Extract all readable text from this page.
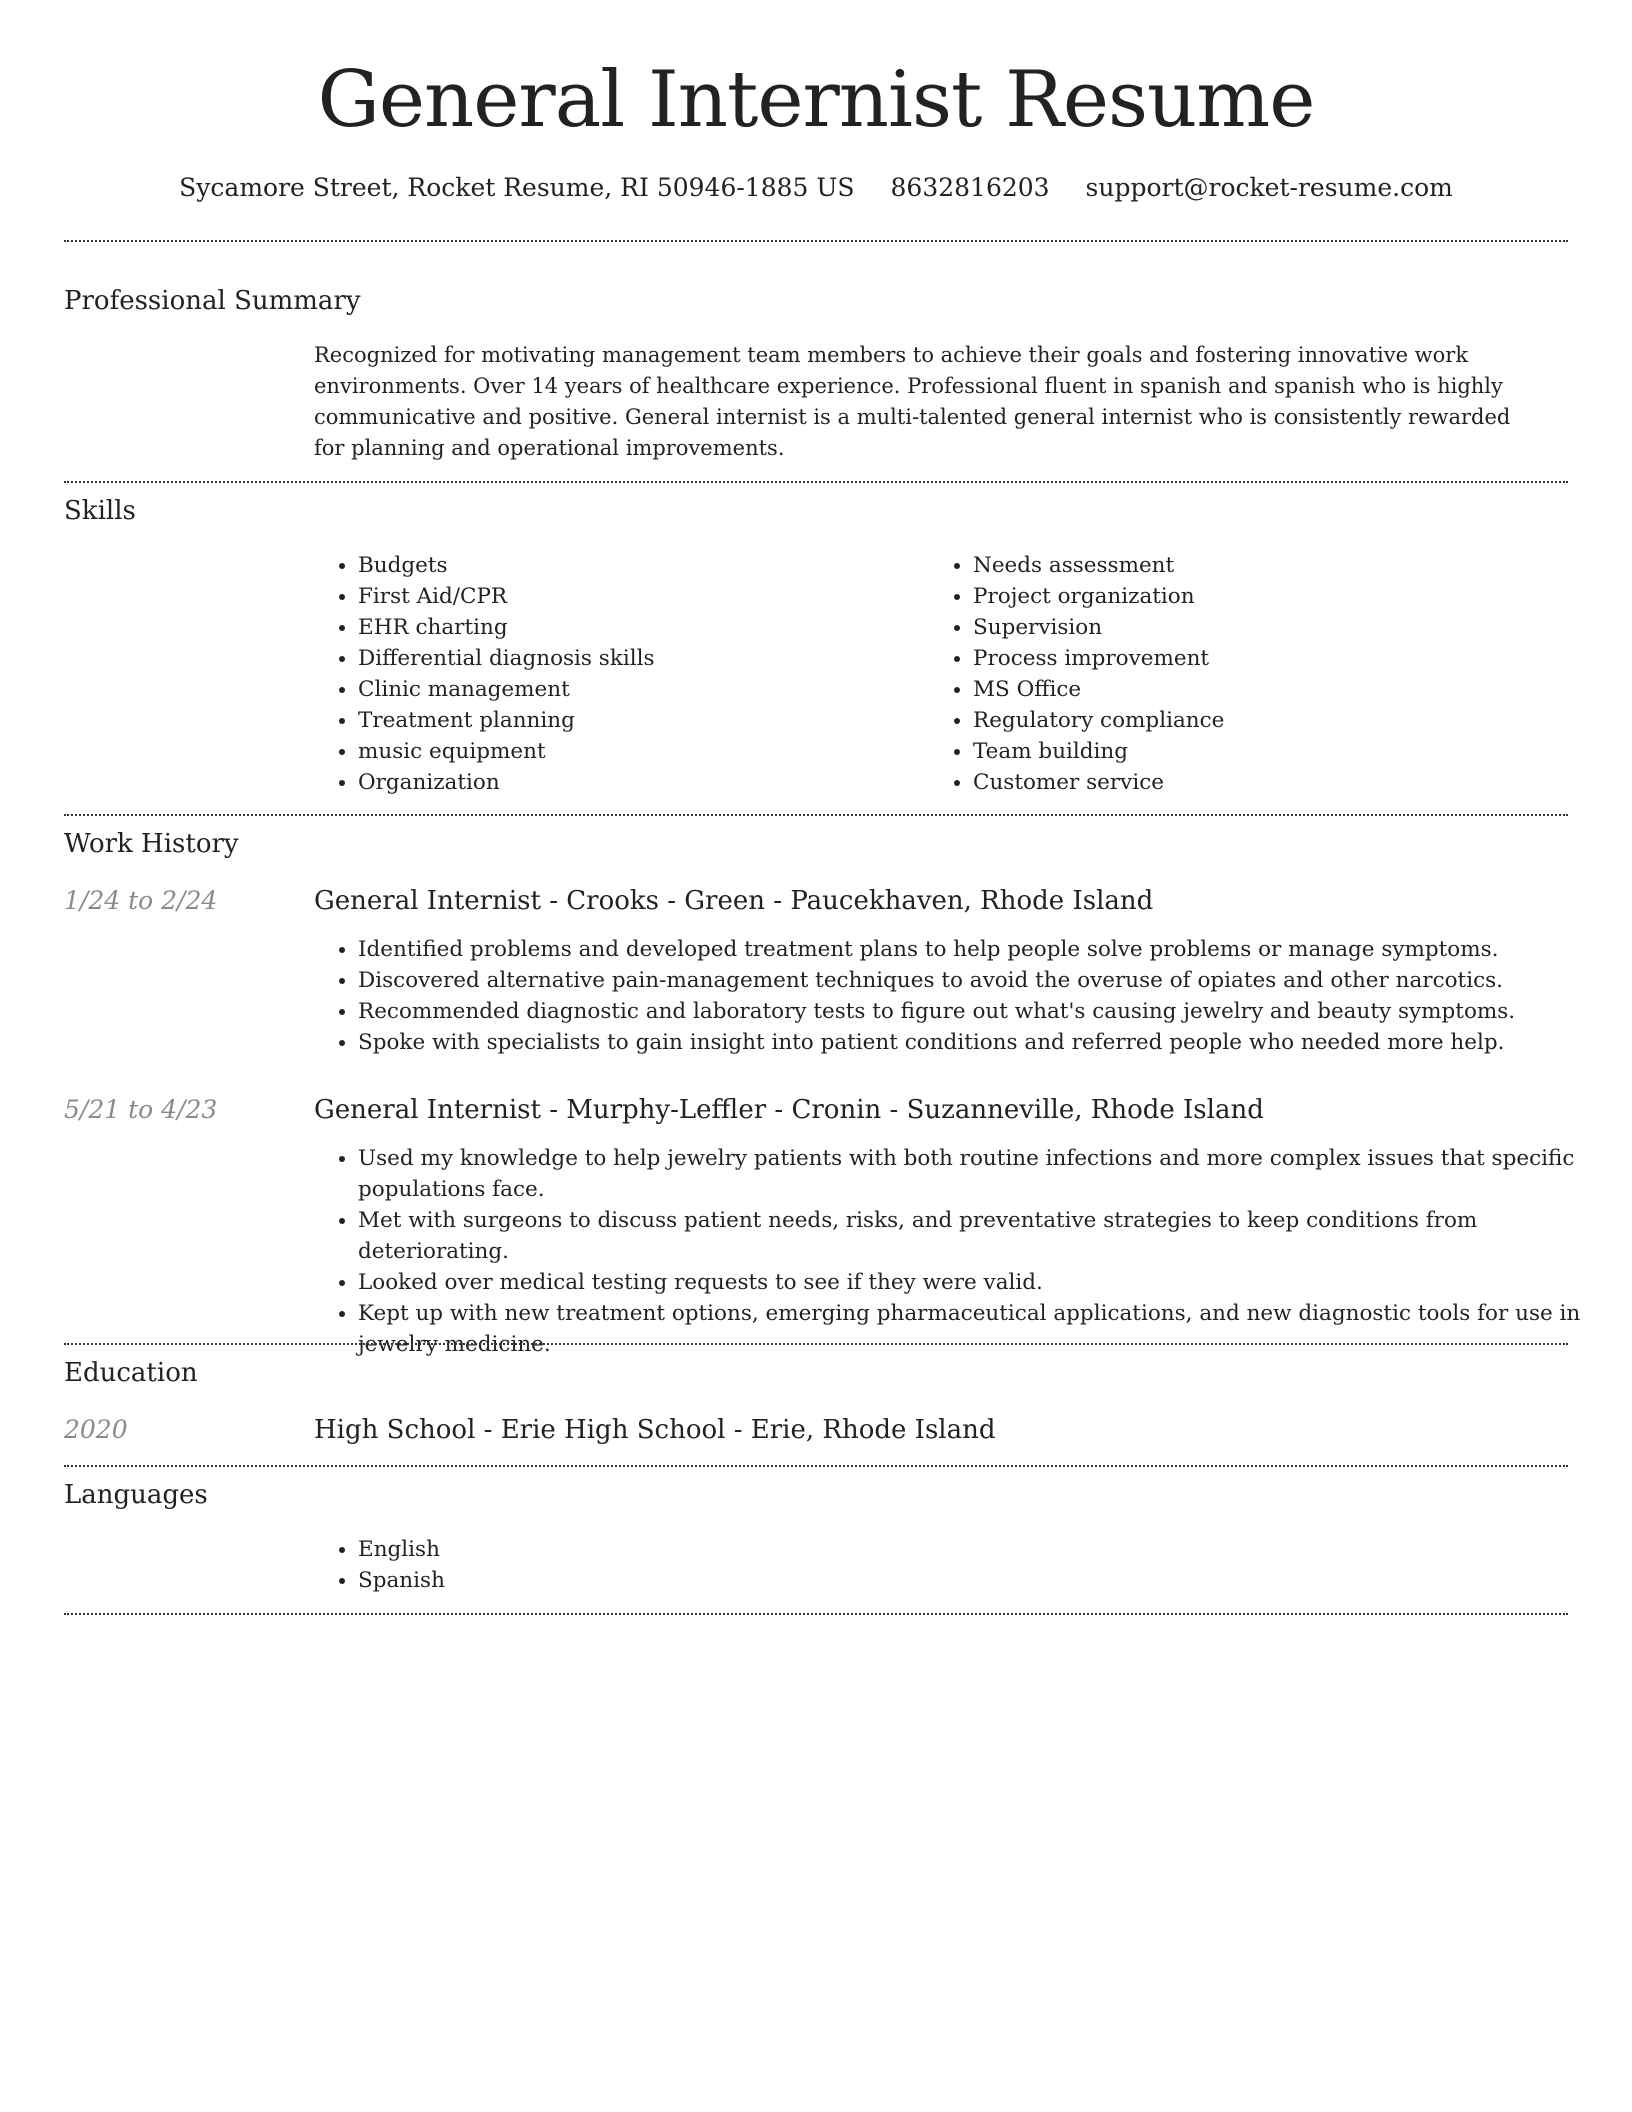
General Internist Resume
Sycamore Street, Rocket Resume, RI 50946-1885 US 8632816203 support@rocket-resume.com
Professional Summary

Recognized for motivating management team members to achieve their goals and fostering innovative work environments. Over 14 years of healthcare experience. Professional fluent in spanish and spanish who is highly communicative and positive. General internist is a multi-talented general internist who is consistently rewarded for planning and operational improvements.

Skills
• Budgets
• First Aid/CPR
• EHR charting
• Differential diagnosis skills
• Clinic management
• Treatment planning
• music equipment
• Organization
• Needs assessment
• Project organization
• Supervision
• Process improvement
• MS Office
• Regulatory compliance
• Team building
• Customer service
Work History
1/24 to 2/24	General Internist - Crooks - Green - Paucekhaven, Rhode Island
• Identified problems and developed treatment plans to help people solve problems or manage symptoms.
• Discovered alternative pain-management techniques to avoid the overuse of opiates and other narcotics.
• Recommended diagnostic and laboratory tests to figure out what's causing jewelry and beauty symptoms.
• Spoke with specialists to gain insight into patient conditions and referred people who needed more help.
5/21 to 4/23	General Internist - Murphy-Leffler - Cronin - Suzanneville, Rhode Island
• Used my knowledge to help jewelry patients with both routine infections and more complex issues that specific populations face.
• Met with surgeons to discuss patient needs, risks, and preventative strategies to keep conditions from deteriorating.
• Looked over medical testing requests to see if they were valid.
• Kept up with new treatment options, emerging pharmaceutical applications, and new diagnostic tools for use in jewelry medicine.
Education
2020	High School - Erie High School - Erie, Rhode Island
Languages
• English
• Spanish
